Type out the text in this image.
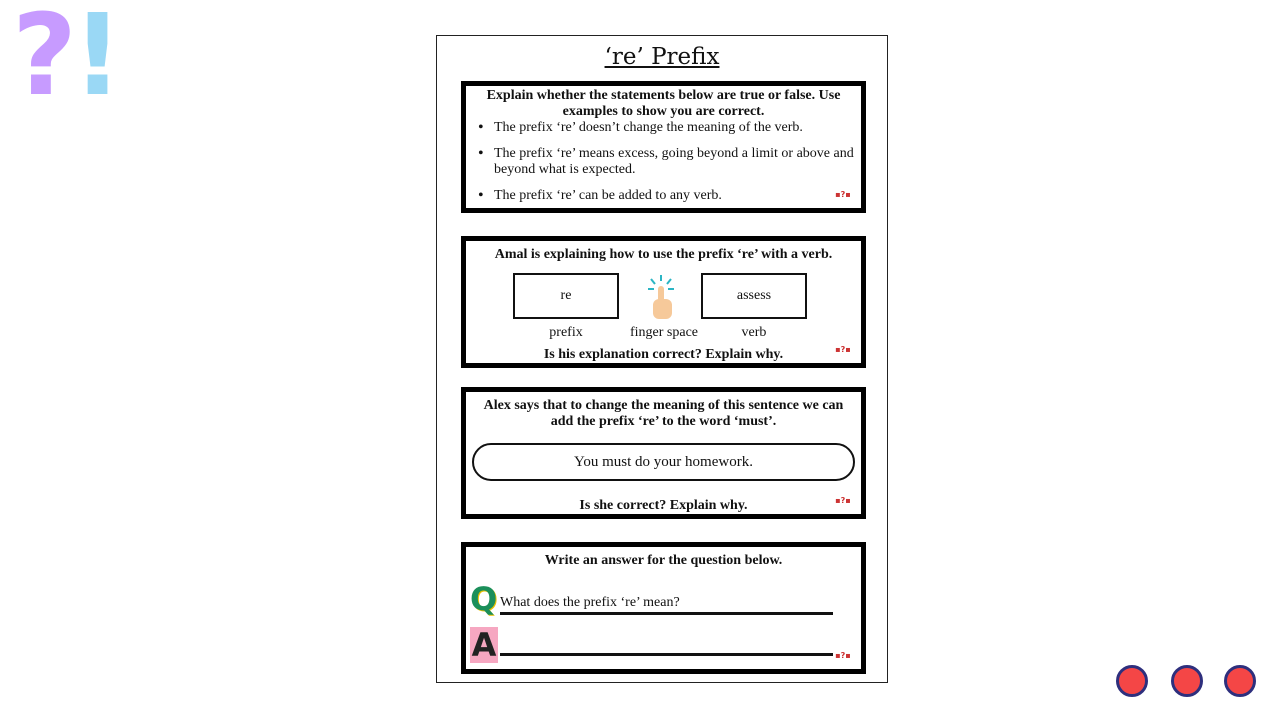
?
!	‘re’ Prefix
Explain whether the statements below are true or false. Use examples to show you are correct.
• The prefix ‘re’ doesn’t change the meaning of the verb.
• The prefix ‘re’ means excess, going beyond a limit or above and beyond what is expected.
• The prefix ‘re’ can be added to any verb.	▪?▪
Amal is explaining how to use the prefix ‘re’ with a verb.
re	assess
prefix	finger space	verb
Is his explanation correct? Explain why.	▪?▪
Alex says that to change the meaning of this sentence we can add the prefix ‘re’ to the word ‘must’.
You must do your homework.
Is she correct? Explain why.	▪?▪
Write an answer for the question below.
Q What does the prefix ‘re’ mean?
A	▪?▪
